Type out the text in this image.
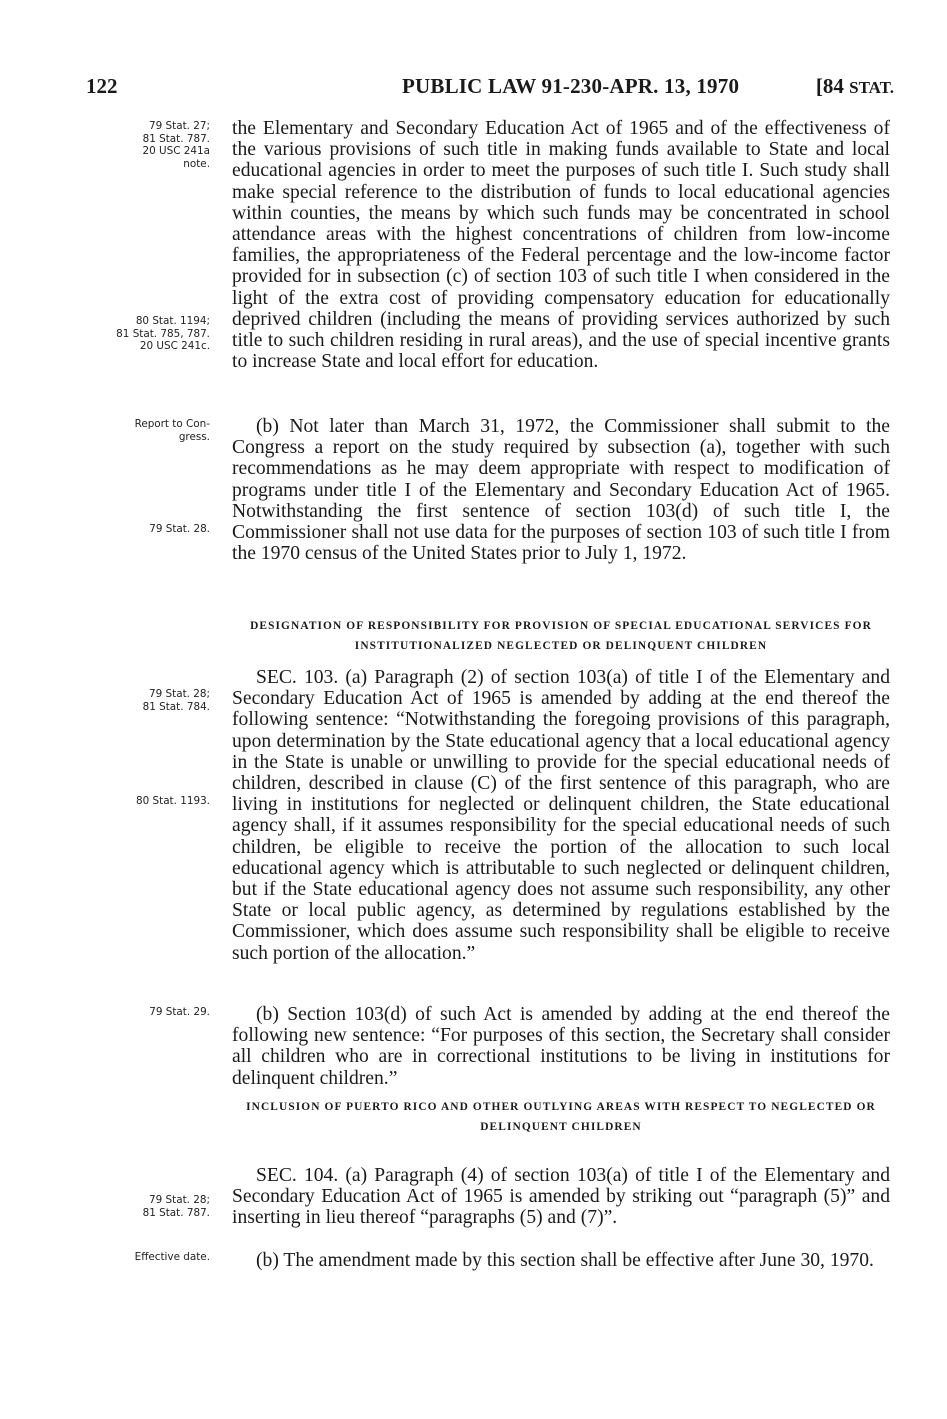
122	PUBLIC LAW 91-230-APR. 13, 1970	[84 STAT.
79 Stat. 27;
81 Stat. 787.
20 USC 241a
note.
80 Stat. 1194;
81 Stat. 785, 787.
20 USC 241c.
Report to Con-
gress.
79 Stat. 28.
79 Stat. 28;
81 Stat. 784.
80 Stat. 1193.
79 Stat. 29.
79 Stat. 28;
81 Stat. 787.
Effective date.

the Elementary and Secondary Education Act of 1965 and of the effectiveness of the various provisions of such title in making funds available to State and local educational agencies in order to meet the purposes of such title I. Such study shall make special reference to the distribution of funds to local educational agencies within counties, the means by which such funds may be concentrated in school attendance areas with the highest concentrations of children from low-income families, the appropriateness of the Federal percentage and the low-income factor provided for in subsection (c) of section 103 of such title I when considered in the light of the extra cost of providing compensatory education for educationally deprived children (including the means of providing services authorized by such title to such children residing in rural areas), and the use of special incentive grants to increase State and local effort for education.

(b) Not later than March 31, 1972, the Commissioner shall submit to the Congress a report on the study required by subsection (a), together with such recommendations as he may deem appropriate with respect to modification of programs under title I of the Elementary and Secondary Education Act of 1965. Notwithstanding the first sentence of section 103(d) of such title I, the Commissioner shall not use data for the purposes of section 103 of such title I from the 1970 census of the United States prior to July 1, 1972.

DESIGNATION OF RESPONSIBILITY FOR PROVISION OF SPECIAL EDUCATIONAL SERVICES FOR INSTITUTIONALIZED NEGLECTED OR DELINQUENT CHILDREN

SEC. 103. (a) Paragraph (2) of section 103(a) of title I of the Elementary and Secondary Education Act of 1965 is amended by adding at the end thereof the following sentence: “Notwithstanding the foregoing provisions of this paragraph, upon determination by the State educational agency that a local educational agency in the State is unable or unwilling to provide for the special educational needs of children, described in clause (C) of the first sentence of this paragraph, who are living in institutions for neglected or delinquent children, the State educational agency shall, if it assumes responsibility for the special educational needs of such children, be eligible to receive the portion of the allocation to such local educational agency which is attributable to such neglected or delinquent children, but if the State educational agency does not assume such responsibility, any other State or local public agency, as determined by regulations established by the Commissioner, which does assume such responsibility shall be eligible to receive such portion of the allocation.”

(b) Section 103(d) of such Act is amended by adding at the end thereof the following new sentence: “For purposes of this section, the Secretary shall consider all children who are in correctional institutions to be living in institutions for delinquent children.”

INCLUSION OF PUERTO RICO AND OTHER OUTLYING AREAS WITH RESPECT TO NEGLECTED OR DELINQUENT CHILDREN

SEC. 104. (a) Paragraph (4) of section 103(a) of title I of the Elementary and Secondary Education Act of 1965 is amended by striking out “paragraph (5)” and inserting in lieu thereof “paragraphs (5) and (7)”.

(b) The amendment made by this section shall be effective after June 30, 1970.
